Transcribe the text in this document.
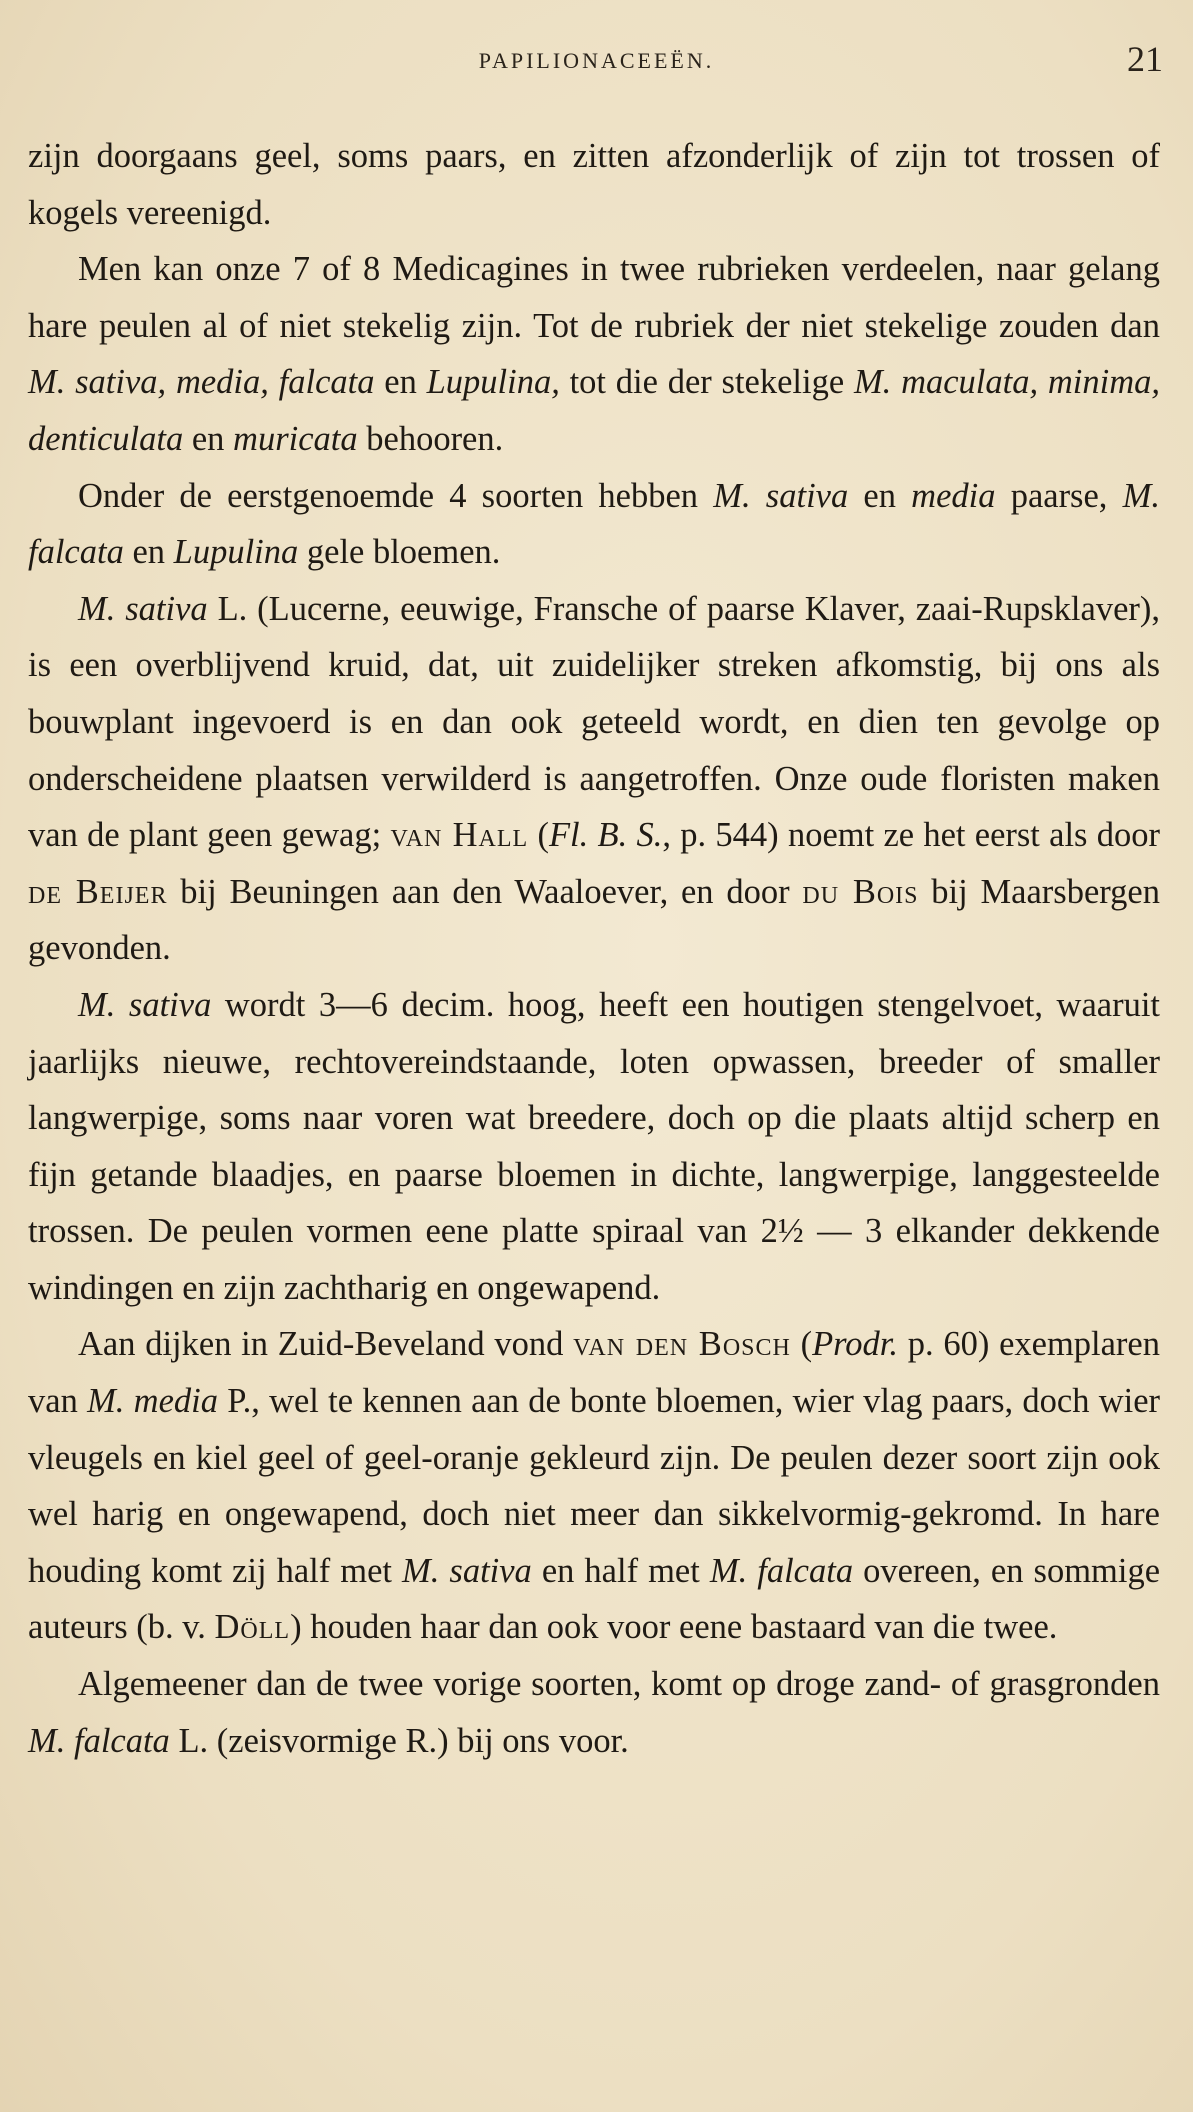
PAPILIONACEEËN.	21

zijn doorgaans geel, soms paars, en zitten afzonderlijk of zijn tot trossen of kogels vereenigd.

Men kan onze 7 of 8 Medicagines in twee rubrieken verdeelen, naar gelang hare peulen al of niet stekelig zijn. Tot de rubriek der niet stekelige zouden dan M. sativa, media, falcata en Lupulina, tot die der stekelige M. maculata, minima, denticulata en muricata behooren.

Onder de eerstgenoemde 4 soorten hebben M. sativa en media paarse, M. falcata en Lupulina gele bloemen.

M. sativa L. (Lucerne, eeuwige, Fransche of paarse Klaver, zaai-Rupsklaver), is een overblijvend kruid, dat, uit zuidelijker streken afkomstig, bij ons als bouwplant ingevoerd is en dan ook geteeld wordt, en dien ten gevolge op onderscheidene plaatsen verwilderd is aangetroffen. Onze oude floristen maken van de plant geen gewag; van Hall (Fl. B. S., p. 544) noemt ze het eerst als door de Beijer bij Beuningen aan den Waaloever, en door du Bois bij Maarsbergen gevonden.

M. sativa wordt 3—6 decim. hoog, heeft een houtigen stengelvoet, waaruit jaarlijks nieuwe, rechtovereindstaande, loten opwassen, breeder of smaller langwerpige, soms naar voren wat breedere, doch op die plaats altijd scherp en fijn getande blaadjes, en paarse bloemen in dichte, langwerpige, langgesteelde trossen. De peulen vormen eene platte spiraal van 2½ — 3 elkander dekkende windingen en zijn zachtharig en ongewapend.

Aan dijken in Zuid-Beveland vond van den Bosch (Prodr. p. 60) exemplaren van M. media P., wel te kennen aan de bonte bloemen, wier vlag paars, doch wier vleugels en kiel geel of geel-oranje gekleurd zijn. De peulen dezer soort zijn ook wel harig en ongewapend, doch niet meer dan sikkelvormig-gekromd. In hare houding komt zij half met M. sativa en half met M. falcata overeen, en sommige auteurs (b. v. Döll) houden haar dan ook voor eene bastaard van die twee.

Algemeener dan de twee vorige soorten, komt op droge zand- of grasgronden M. falcata L. (zeisvormige R.) bij ons voor.
